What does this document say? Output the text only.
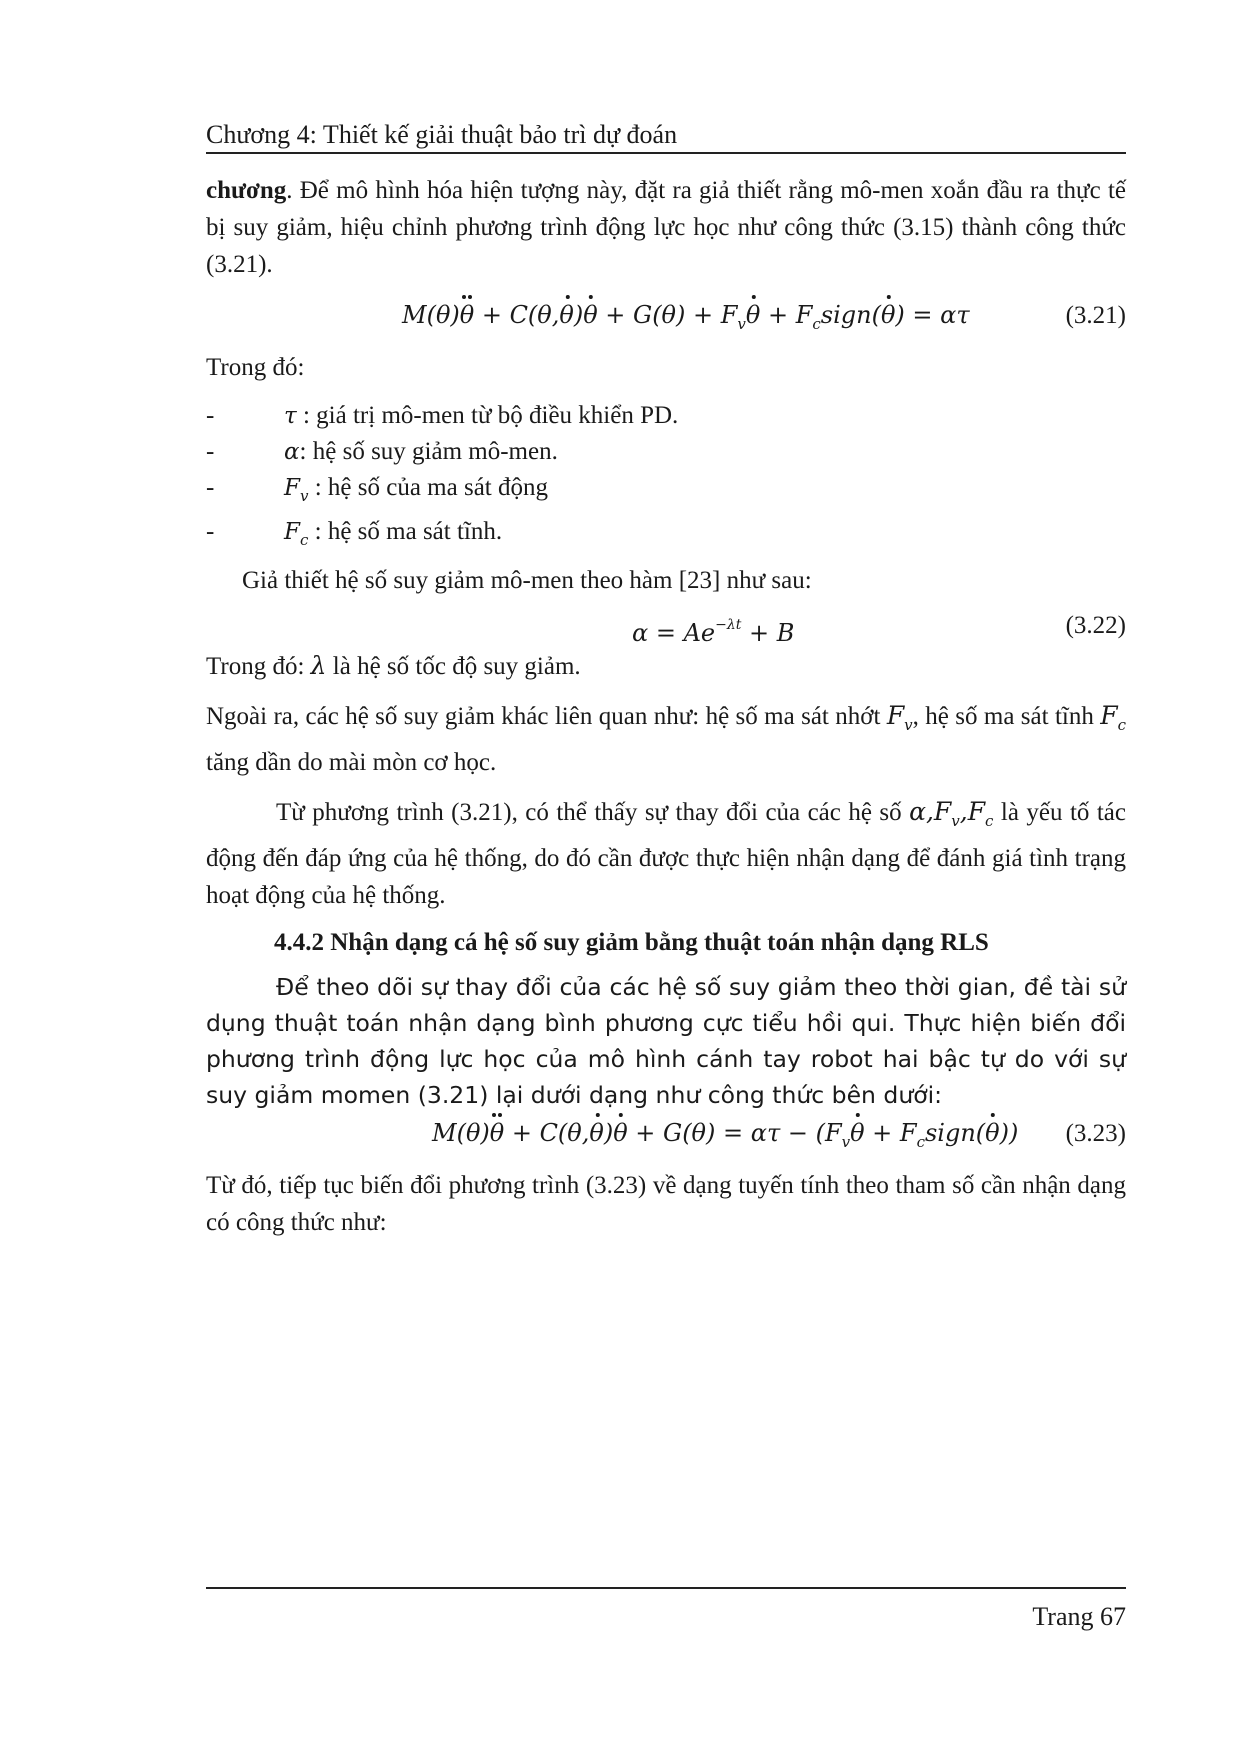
Chương 4: Thiết kế giải thuật bảo trì dự đoán

chương. Để mô hình hóa hiện tượng này, đặt ra giả thiết rằng mô-men xoắn đầu ra thực tế bị suy giảm, hiệu chỉnh phương trình động lực học như công thức (3.15) thành công thức (3.21).

$M(\theta)\theta + C(\theta,\theta)\theta + G(\theta) + F_v\theta$ + $F_csign(\theta) = \alpha\tau$	(3.21)

Trong đó:

-	τ : giá trị mô-men từ bộ điều khiển PD.
-	α: hệ số suy giảm mô-men.
-	$F_v$ : hệ số của ma sát động
-	$F_c$ : hệ số ma sát tĩnh.

Giả thiết hệ số suy giảm mô-men theo hàm [23] như sau:

$\alpha = Ae^{-\lambda t} + B$	(3.22)

Trong đó: λ là hệ số tốc độ suy giảm.

Ngoài ra, các hệ số suy giảm khác liên quan như: hệ số ma sát nhớt $F_v$, hệ số ma sát tĩnh $F_c$ tăng dần do mài mòn cơ học.

Từ phương trình (3.21), có thể thấy sự thay đổi của các hệ số $\alpha,F_v,F_c$ là yếu tố tác động đến đáp ứng của hệ thống, do đó cần được thực hiện nhận dạng để đánh giá tình trạng hoạt động của hệ thống.

4.4.2 Nhận dạng cá hệ số suy giảm bằng thuật toán nhận dạng RLS

Để theo dõi sự thay đổi của các hệ số suy giảm theo thời gian, đề tài sử dụng thuật toán nhận dạng bình phương cực tiểu hồi qui. Thực hiện biến đổi phương trình động lực học của mô hình cánh tay robot hai bậc tự do với sự suy giảm momen (3.21) lại dưới dạng như công thức bên dưới:

$M(\theta)\theta + C(\theta,\theta)\theta + G(\theta) = \alpha\tau - (F_v\theta$ + $F_csign(\theta)$) (3.23)

Từ đó, tiếp tục biến đổi phương trình (3.23) về dạng tuyến tính theo tham số cần nhận dạng có công thức như:

Trang 67
